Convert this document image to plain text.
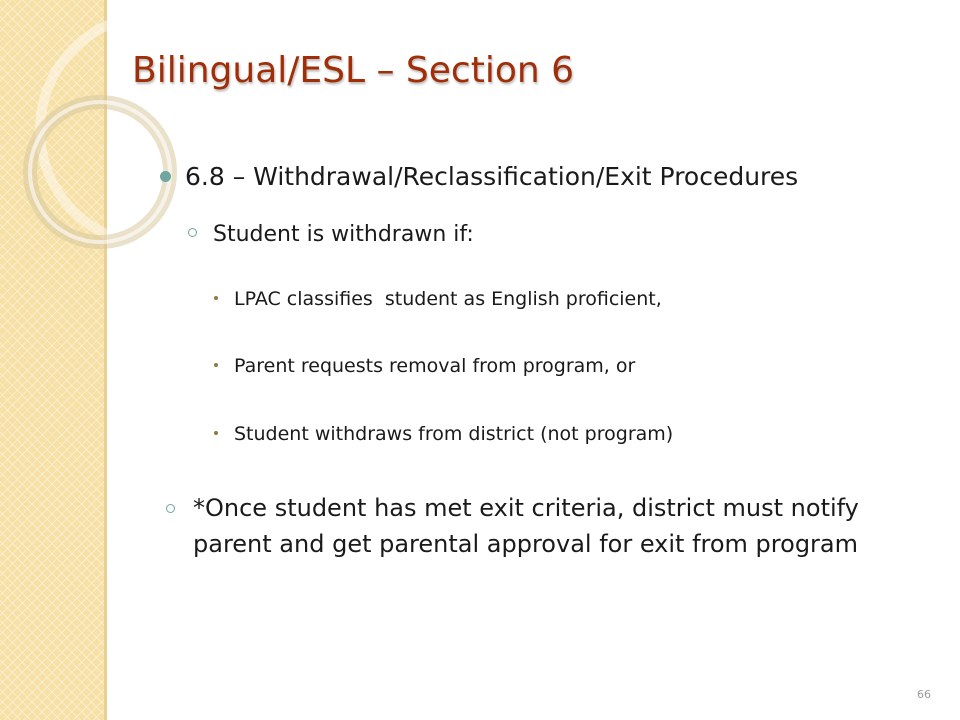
Bilingual/ESL – Section 6
6.8 – Withdrawal/Reclassification/Exit Procedures
Student is withdrawn if:
LPAC classifies  student as English proficient,
Parent requests removal from program, or
Student withdraws from district (not program)
*Once student has met exit criteria, district must notify parent and get parental approval for exit from program
66
